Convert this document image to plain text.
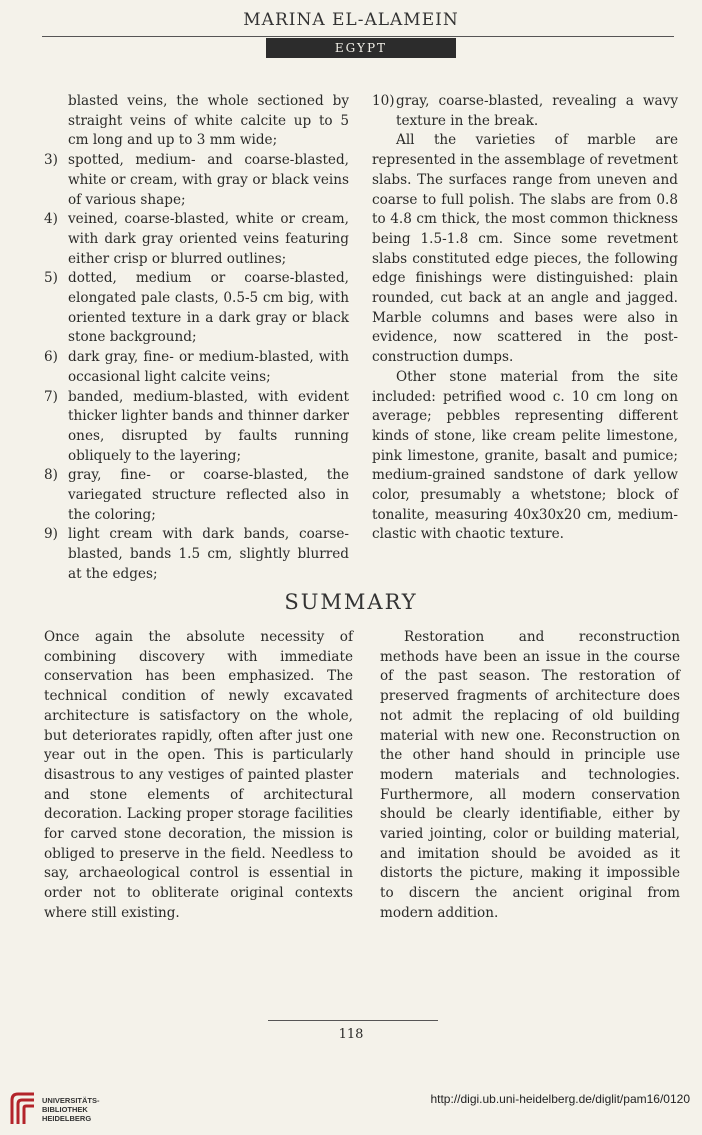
MARINA EL-ALAMEIN
EGYPT
blasted veins, the whole sectioned by straight veins of white calcite up to 5 cm long and up to 3 mm wide;
3) spotted, medium- and coarse-blasted, white or cream, with gray or black veins of various shape;
4) veined, coarse-blasted, white or cream, with dark gray oriented veins featuring either crisp or blurred outlines;
5) dotted, medium or coarse-blasted, elongated pale clasts, 0.5-5 cm big, with oriented texture in a dark gray or black stone background;
6) dark gray, fine- or medium-blasted, with occasional light calcite veins;
7) banded, medium-blasted, with evident thicker lighter bands and thinner darker ones, disrupted by faults running obliquely to the layering;
8) gray, fine- or coarse-blasted, the variegated structure reflected also in the coloring;
9) light cream with dark bands, coarse-blasted, bands 1.5 cm, slightly blurred at the edges;
10) gray, coarse-blasted, revealing a wavy texture in the break.

All the varieties of marble are represented in the assemblage of revetment slabs. The surfaces range from uneven and coarse to full polish. The slabs are from 0.8 to 4.8 cm thick, the most common thickness being 1.5-1.8 cm. Since some revetment slabs constituted edge pieces, the following edge finishings were distinguished: plain rounded, cut back at an angle and jagged. Marble columns and bases were also in evidence, now scattered in the post-construction dumps.

Other stone material from the site included: petrified wood c. 10 cm long on average; pebbles representing different kinds of stone, like cream pelite limestone, pink limestone, granite, basalt and pumice; medium-grained sandstone of dark yellow color, presumably a whetstone; block of tonalite, measuring 40x30x20 cm, medium-clastic with chaotic texture.

SUMMARY

Once again the absolute necessity of combining discovery with immediate conservation has been emphasized. The technical condition of newly excavated architecture is satisfactory on the whole, but deteriorates rapidly, often after just one year out in the open. This is particularly disastrous to any vestiges of painted plaster and stone elements of architectural decoration. Lacking proper storage facilities for carved stone decoration, the mission is obliged to preserve in the field. Needless to say, archaeological control is essential in order not to obliterate original contexts where still existing.

Restoration and reconstruction methods have been an issue in the course of the past season. The restoration of preserved fragments of architecture does not admit the replacing of old building material with new one. Reconstruction on the other hand should in principle use modern materials and technologies. Furthermore, all modern conservation should be clearly identifiable, either by varied jointing, color or building material, and imitation should be avoided as it distorts the picture, making it impossible to discern the ancient original from modern addition.

118
UNIVERSITÄTS-
BIBLIOTHEK
HEIDELBERG
http://digi.ub.uni-heidelberg.de/diglit/pam16/0120
